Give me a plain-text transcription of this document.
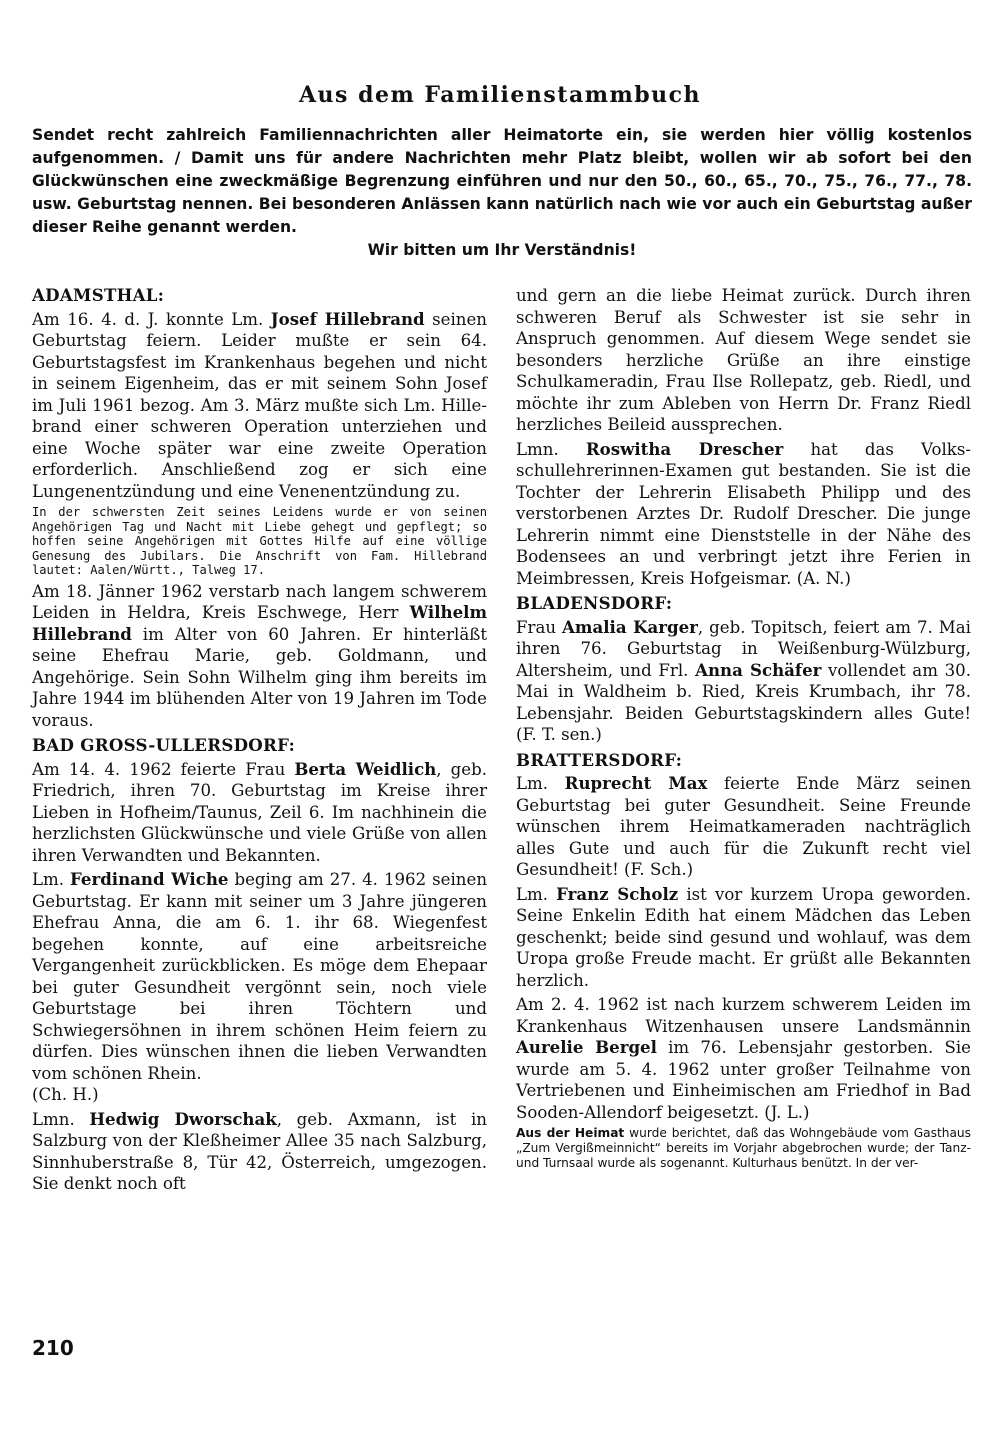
Aus dem Familienstammbuch

Sendet recht zahlreich Familiennachrichten aller Heimatorte ein, sie werden hier völlig kostenlos aufgenommen. / Damit uns für andere Nachrichten mehr Platz bleibt, wollen wir ab sofort bei den Glückwünschen eine zweckmäßige Begrenzung einführen und nur den 50., 60., 65., 70., 75., 76., 77., 78. usw. Geburtstag nennen. Bei besonderen Anlässen kann natürlich nach wie vor auch ein Geburtstag außer dieser Reihe genannt werden.
Wir bitten um Ihr Verständnis!

ADAMSTHAL:

Am 16. 4. d. J. konnte Lm. Josef Hillebrand seinen Geburtstag feiern. Leider mußte er sein 64. Geburtstagsfest im Krankenhaus begehen und nicht in seinem Eigenheim, das er mit seinem Sohn Josef im Juli 1961 bezog. Am 3. März mußte sich Lm. Hillebrand einer schweren Operation unterziehen und eine Woche später war eine zweite Operation erforderlich. Anschließend zog er sich eine Lungenentzündung und eine Venenentzündung zu.

In der schwersten Zeit seines Leidens wurde er von seinen Angehörigen Tag und Nacht mit Liebe gehegt und gepflegt; so hoffen seine Angehörigen mit Gottes Hilfe auf eine völlige Genesung des Jubilars. Die Anschrift von Fam. Hillebrand lautet: Aalen/Württ., Talweg 17.

Am 18. Jänner 1962 verstarb nach langem schwerem Leiden in Heldra, Kreis Eschwege, Herr Wilhelm Hillebrand im Alter von 60 Jahren. Er hinterläßt seine Ehefrau Marie, geb. Goldmann, und Angehörige. Sein Sohn Wilhelm ging ihm bereits im Jahre 1944 im blühenden Alter von 19 Jahren im Tode voraus.

BAD GROSS-ULLERSDORF:

Am 14. 4. 1962 feierte Frau Berta Weidlich, geb. Friedrich, ihren 70. Geburtstag im Kreise ihrer Lieben in Hofheim/Taunus, Zeil 6. Im nachhinein die herzlichsten Glückwünsche und viele Grüße von allen ihren Verwandten und Bekannten.

Lm. Ferdinand Wiche beging am 27. 4. 1962 seinen Geburtstag. Er kann mit seiner um 3 Jahre jüngeren Ehefrau Anna, die am 6. 1. ihr 68. Wiegenfest begehen konnte, auf eine arbeitsreiche Vergangenheit zurückblicken. Es möge dem Ehepaar bei guter Gesundheit vergönnt sein, noch viele Geburtstage bei ihren Töchtern und Schwiegersöhnen in ihrem schönen Heim feiern zu dürfen. Dies wünschen ihnen die lieben Verwandten vom schönen Rhein.

(Ch. H.)

Lmn. Hedwig Dworschak, geb. Axmann, ist in Salzburg von der Kleßheimer Allee 35 nach Salzburg, Sinnhuberstraße 8, Tür 42, Österreich, umgezogen. Sie denkt noch oft

und gern an die liebe Heimat zurück. Durch ihren schweren Beruf als Schwester ist sie sehr in Anspruch genommen. Auf diesem Wege sendet sie besonders herzliche Grüße an ihre einstige Schulkameradin, Frau Ilse Rollepatz, geb. Riedl, und möchte ihr zum Ableben von Herrn Dr. Franz Riedl herzliches Beileid aussprechen.

Lmn. Roswitha Drescher hat das Volksschullehrerinnen-Examen gut bestanden. Sie ist die Tochter der Lehrerin Elisabeth Philipp und des verstorbenen Arztes Dr. Rudolf Drescher. Die junge Lehrerin nimmt eine Dienststelle in der Nähe des Bodensees an und verbringt jetzt ihre Ferien in Meimbressen, Kreis Hofgeismar. (A. N.)

BLADENSDORF:

Frau Amalia Karger, geb. Topitsch, feiert am 7. Mai ihren 76. Geburtstag in Weißenburg-Wülzburg, Altersheim, und Frl. Anna Schäfer vollendet am 30. Mai in Waldheim b. Ried, Kreis Krumbach, ihr 78. Lebensjahr. Beiden Geburtstagskindern alles Gute! (F. T. sen.)

BRATTERSDORF:

Lm. Ruprecht Max feierte Ende März seinen Geburtstag bei guter Gesundheit. Seine Freunde wünschen ihrem Heimatkameraden nachträglich alles Gute und auch für die Zukunft recht viel Gesundheit! (F. Sch.)

Lm. Franz Scholz ist vor kurzem Uropa geworden. Seine Enkelin Edith hat einem Mädchen das Leben geschenkt; beide sind gesund und wohlauf, was dem Uropa große Freude macht. Er grüßt alle Bekannten herzlich.

Am 2. 4. 1962 ist nach kurzem schwerem Leiden im Krankenhaus Witzenhausen unsere Landsmännin Aurelie Bergel im 76. Lebensjahr gestorben. Sie wurde am 5. 4. 1962 unter großer Teilnahme von Vertriebenen und Einheimischen am Friedhof in Bad Sooden-Allendorf beigesetzt. (J. L.)

Aus der Heimat wurde berichtet, daß das Wohngebäude vom Gasthaus „Zum Vergißmeinnicht“ bereits im Vorjahr abgebrochen wurde; der Tanz- und Turnsaal wurde als sogenannt. Kulturhaus benützt. In der ver-

210
